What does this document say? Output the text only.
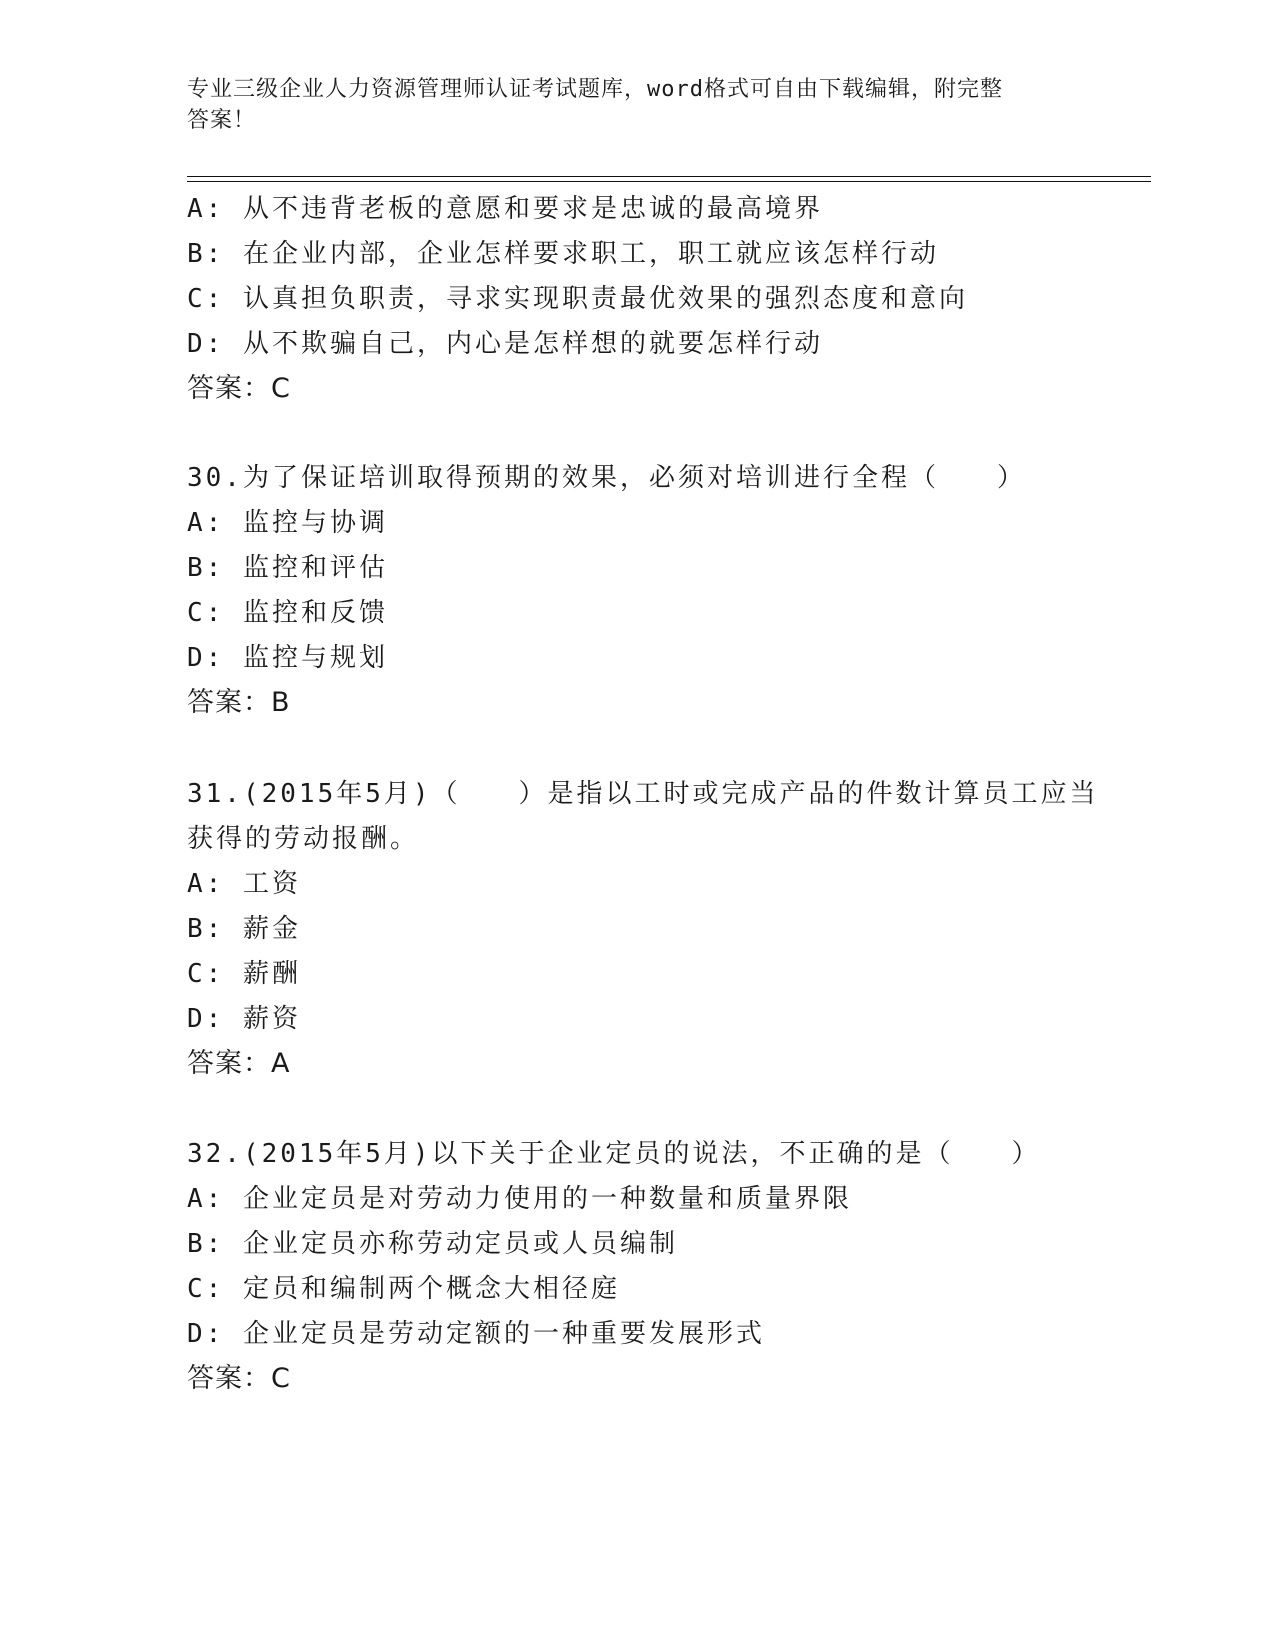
专业三级企业人力资源管理师认证考试题库，word格式可自由下载编辑，附完整
答案！
A: 从不违背老板的意愿和要求是忠诚的最高境界
B: 在企业内部，企业怎样要求职工，职工就应该怎样行动
C: 认真担负职责，寻求实现职责最优效果的强烈态度和意向
D: 从不欺骗自己，内心是怎样想的就要怎样行动
答案：C
30.为了保证培训取得预期的效果，必须对培训进行全程（　　）
A: 监控与协调
B: 监控和评估
C: 监控和反馈
D: 监控与规划
答案：B
31.(2015年5月)（　　）是指以工时或完成产品的件数计算员工应当
获得的劳动报酬。
A: 工资
B: 薪金
C: 薪酬
D: 薪资
答案：A
32.(2015年5月)以下关于企业定员的说法，不正确的是（　　）
A: 企业定员是对劳动力使用的一种数量和质量界限
B: 企业定员亦称劳动定员或人员编制
C: 定员和编制两个概念大相径庭
D: 企业定员是劳动定额的一种重要发展形式
答案：C
